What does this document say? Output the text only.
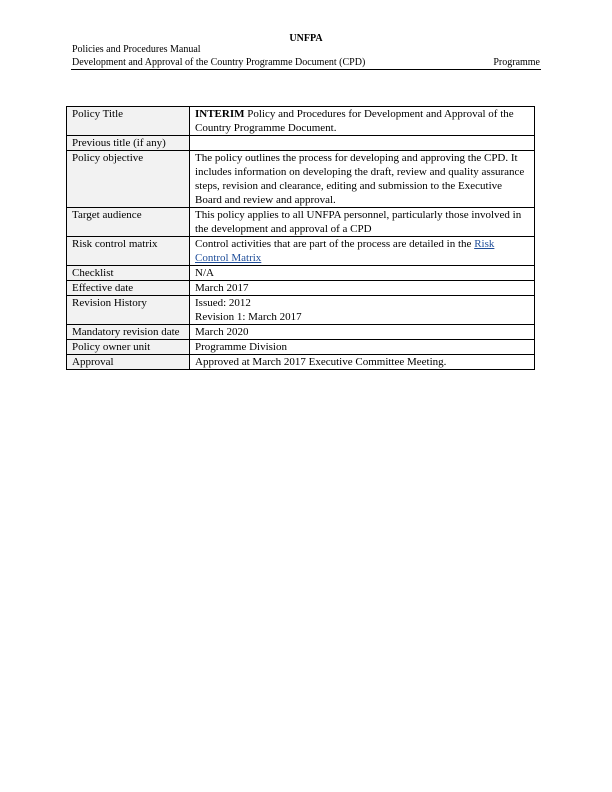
UNFPA
Policies and Procedures Manual
Development and Approval of the Country Programme Document (CPD)	Programme
Policy Title	INTERIM Policy and Procedures for Development and Approval of the Country Programme Document.
Previous title (if any)	
Policy objective	The policy outlines the process for developing and approving the CPD. It includes information on developing the draft, review and quality assurance steps, revision and clearance, editing and submission to the Executive Board and review and approval.
Target audience	This policy applies to all UNFPA personnel, particularly those involved in the development and approval of a CPD
Risk control matrix	Control activities that are part of the process are detailed in the Risk Control Matrix
Checklist	N/A
Effective date	March 2017
Revision History	Issued: 2012
Revision 1: March 2017

Mandatory revision date	March 2020
Policy owner unit	Programme Division
Approval	Approved at March 2017 Executive Committee Meeting.
